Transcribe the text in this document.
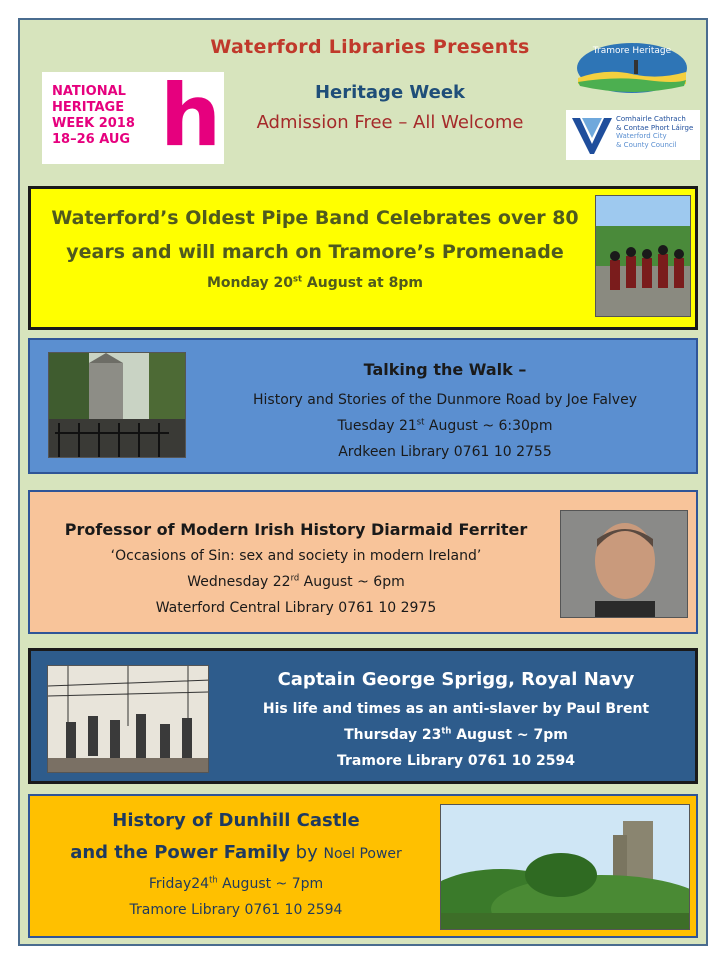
Waterford Libraries Presents
Heritage Week
Admission Free – All Welcome
NATIONAL
HERITAGE
WEEK 2018
18–26 AUG h
Tramore Heritage
Comhairle Cathrach
& Contae Phort Láirge
Waterford City
& County Council
Waterford’s Oldest Pipe Band Celebrates over 80
years and will march on Tramore’s Promenade
Monday 20st August at 8pm
Talking the Walk –
History and Stories of the Dunmore Road by Joe Falvey
Tuesday 21st August ~ 6:30pm
Ardkeen Library 0761 10 2755
Professor of Modern Irish History Diarmaid Ferriter
‘Occasions of Sin: sex and society in modern Ireland’
Wednesday 22rd August ~ 6pm
Waterford Central Library 0761 10 2975
Captain George Sprigg, Royal Navy
His life and times as an anti-slaver by Paul Brent
Thursday 23th August ~ 7pm
Tramore Library 0761 10 2594
History of Dunhill Castle
and the Power Family by Noel Power
Friday24th August ~ 7pm
Tramore Library 0761 10 2594
